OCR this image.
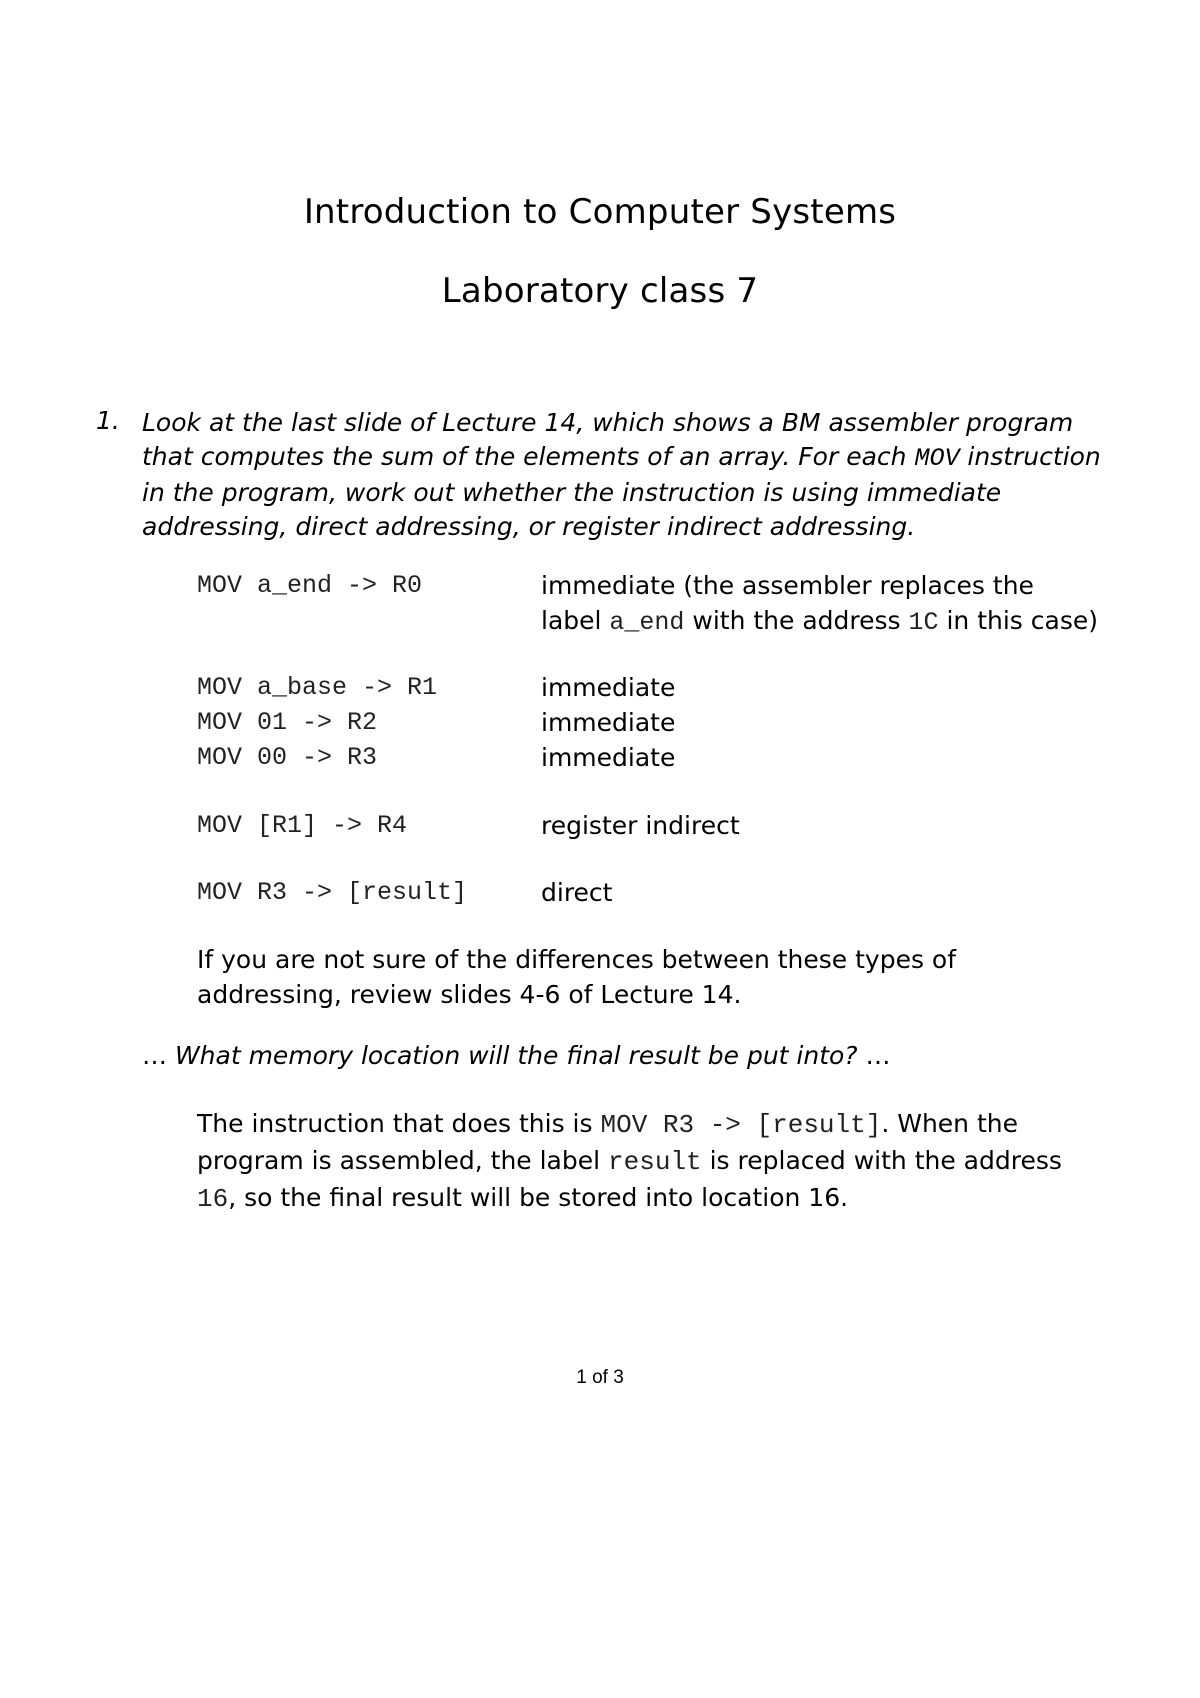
Introduction to Computer Systems
Laboratory class 7
1. Look at the last slide of Lecture 14, which shows a BM assembler program that computes the sum of the elements of an array. For each MOV instruction in the program, work out whether the instruction is using immediate addressing, direct addressing, or register indirect addressing.
MOV a_end -> R0	immediate (the assembler replaces the label a_end with the address 1C in this case)
MOV a_base -> R1	immediate
MOV 01 -> R2	immediate
MOV 00 -> R3	immediate
MOV [R1] -> R4	register indirect
MOV R3 -> [result]	direct
If you are not sure of the differences between these types of addressing, review slides 4-6 of Lecture 14.
… What memory location will the final result be put into? …
The instruction that does this is MOV R3 -> [result]. When the program is assembled, the label result is replaced with the address 16, so the final result will be stored into location 16.
1 of 3
